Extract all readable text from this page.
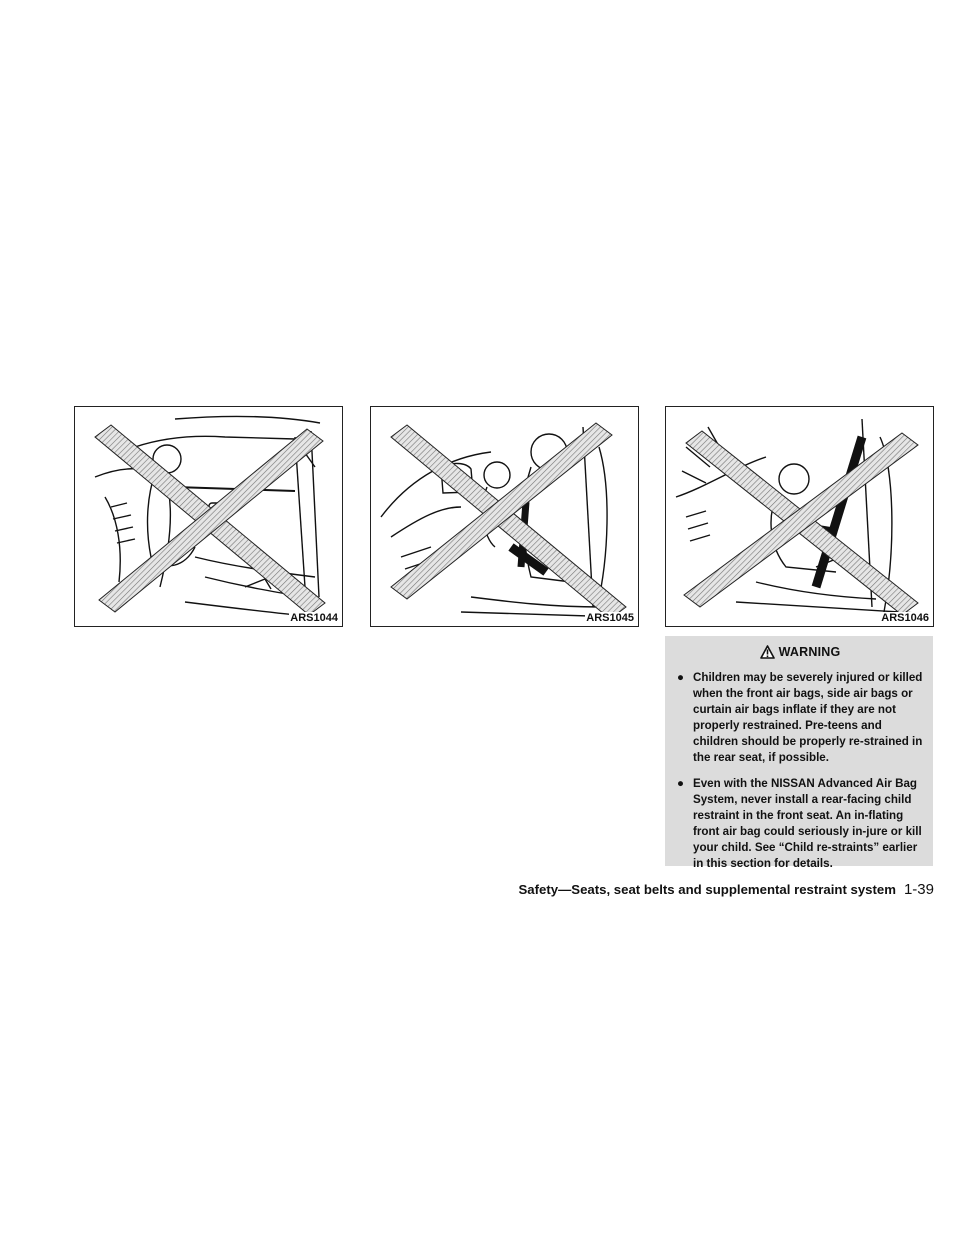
ARS1044	ARS1045	ARS1046
WARNING
● Children may be severely injured or killed when the front air bags, side air bags or curtain air bags inflate if they are not properly restrained. Pre-teens and children should be properly re-strained in the rear seat, if possible.
● Even with the NISSAN Advanced Air Bag System, never install a rear-facing child restraint in the front seat. An in-flating front air bag could seriously in-jure or kill your child. See “Child re-straints” earlier in this section for details.
Safety—Seats, seat belts and supplemental restraint system 1-39
